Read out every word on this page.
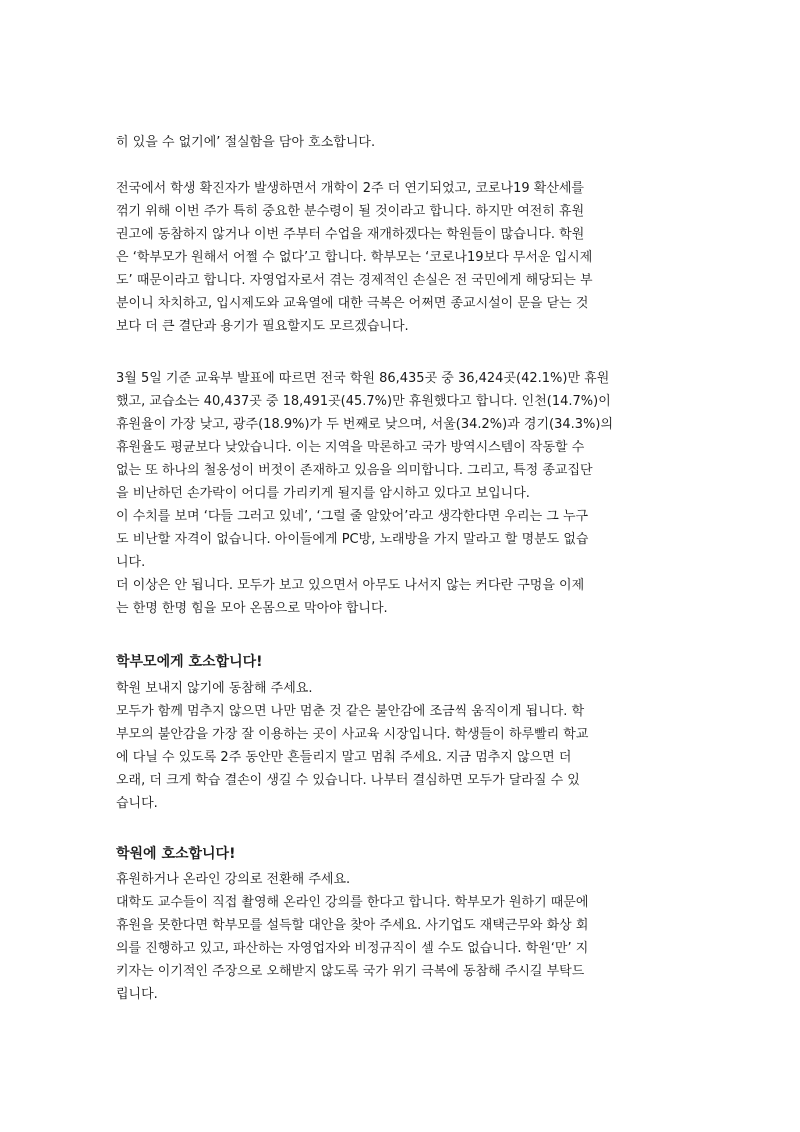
히 있을 수 없기에’ 절실함을 담아 호소합니다.
전국에서 학생 확진자가 발생하면서 개학이 2주 더 연기되었고, 코로나19 확산세를
꺾기 위해 이번 주가 특히 중요한 분수령이 될 것이라고 합니다. 하지만 여전히 휴원
권고에 동참하지 않거나 이번 주부터 수업을 재개하겠다는 학원들이 많습니다. 학원
은 ‘학부모가 원해서 어쩔 수 없다’고 합니다. 학부모는 ‘코로나19보다 무서운 입시제
도’ 때문이라고 합니다. 자영업자로서 겪는 경제적인 손실은 전 국민에게 해당되는 부
분이니 차치하고, 입시제도와 교육열에 대한 극복은 어쩌면 종교시설이 문을 닫는 것
보다 더 큰 결단과 용기가 필요할지도 모르겠습니다.
3월 5일 기준 교육부 발표에 따르면 전국 학원 86,435곳 중 36,424곳(42.1%)만 휴원
했고, 교습소는 40,437곳 중 18,491곳(45.7%)만 휴원했다고 합니다. 인천(14.7%)이
휴원율이 가장 낮고, 광주(18.9%)가 두 번째로 낮으며, 서울(34.2%)과 경기(34.3%)의
휴원율도 평균보다 낮았습니다. 이는 지역을 막론하고 국가 방역시스템이 작동할 수
없는 또 하나의 철옹성이 버젓이 존재하고 있음을 의미합니다. 그리고, 특정 종교집단
을 비난하던 손가락이 어디를 가리키게 될지를 암시하고 있다고 보입니다.
이 수치를 보며 ‘다들 그러고 있네’, ‘그럴 줄 알았어’라고 생각한다면 우리는 그 누구
도 비난할 자격이 없습니다. 아이들에게 PC방, 노래방을 가지 말라고 할 명분도 없습
니다.
더 이상은 안 됩니다. 모두가 보고 있으면서 아무도 나서지 않는 커다란 구멍을 이제
는 한명 한명 힘을 모아 온몸으로 막아야 합니다.
학부모에게 호소합니다!
학원 보내지 않기에 동참해 주세요.
모두가 함께 멈추지 않으면 나만 멈춘 것 같은 불안감에 조금씩 움직이게 됩니다. 학
부모의 불안감을 가장 잘 이용하는 곳이 사교육 시장입니다. 학생들이 하루빨리 학교
에 다닐 수 있도록 2주 동안만 흔들리지 말고 멈춰 주세요. 지금 멈추지 않으면 더
오래, 더 크게 학습 결손이 생길 수 있습니다. 나부터 결심하면 모두가 달라질 수 있
습니다.
학원에 호소합니다!
휴원하거나 온라인 강의로 전환해 주세요.
대학도 교수들이 직접 촬영해 온라인 강의를 한다고 합니다. 학부모가 원하기 때문에
휴원을 못한다면 학부모를 설득할 대안을 찾아 주세요. 사기업도 재택근무와 화상 회
의를 진행하고 있고, 파산하는 자영업자와 비정규직이 셀 수도 없습니다. 학원‘만’ 지
키자는 이기적인 주장으로 오해받지 않도록 국가 위기 극복에 동참해 주시길 부탁드
립니다.
